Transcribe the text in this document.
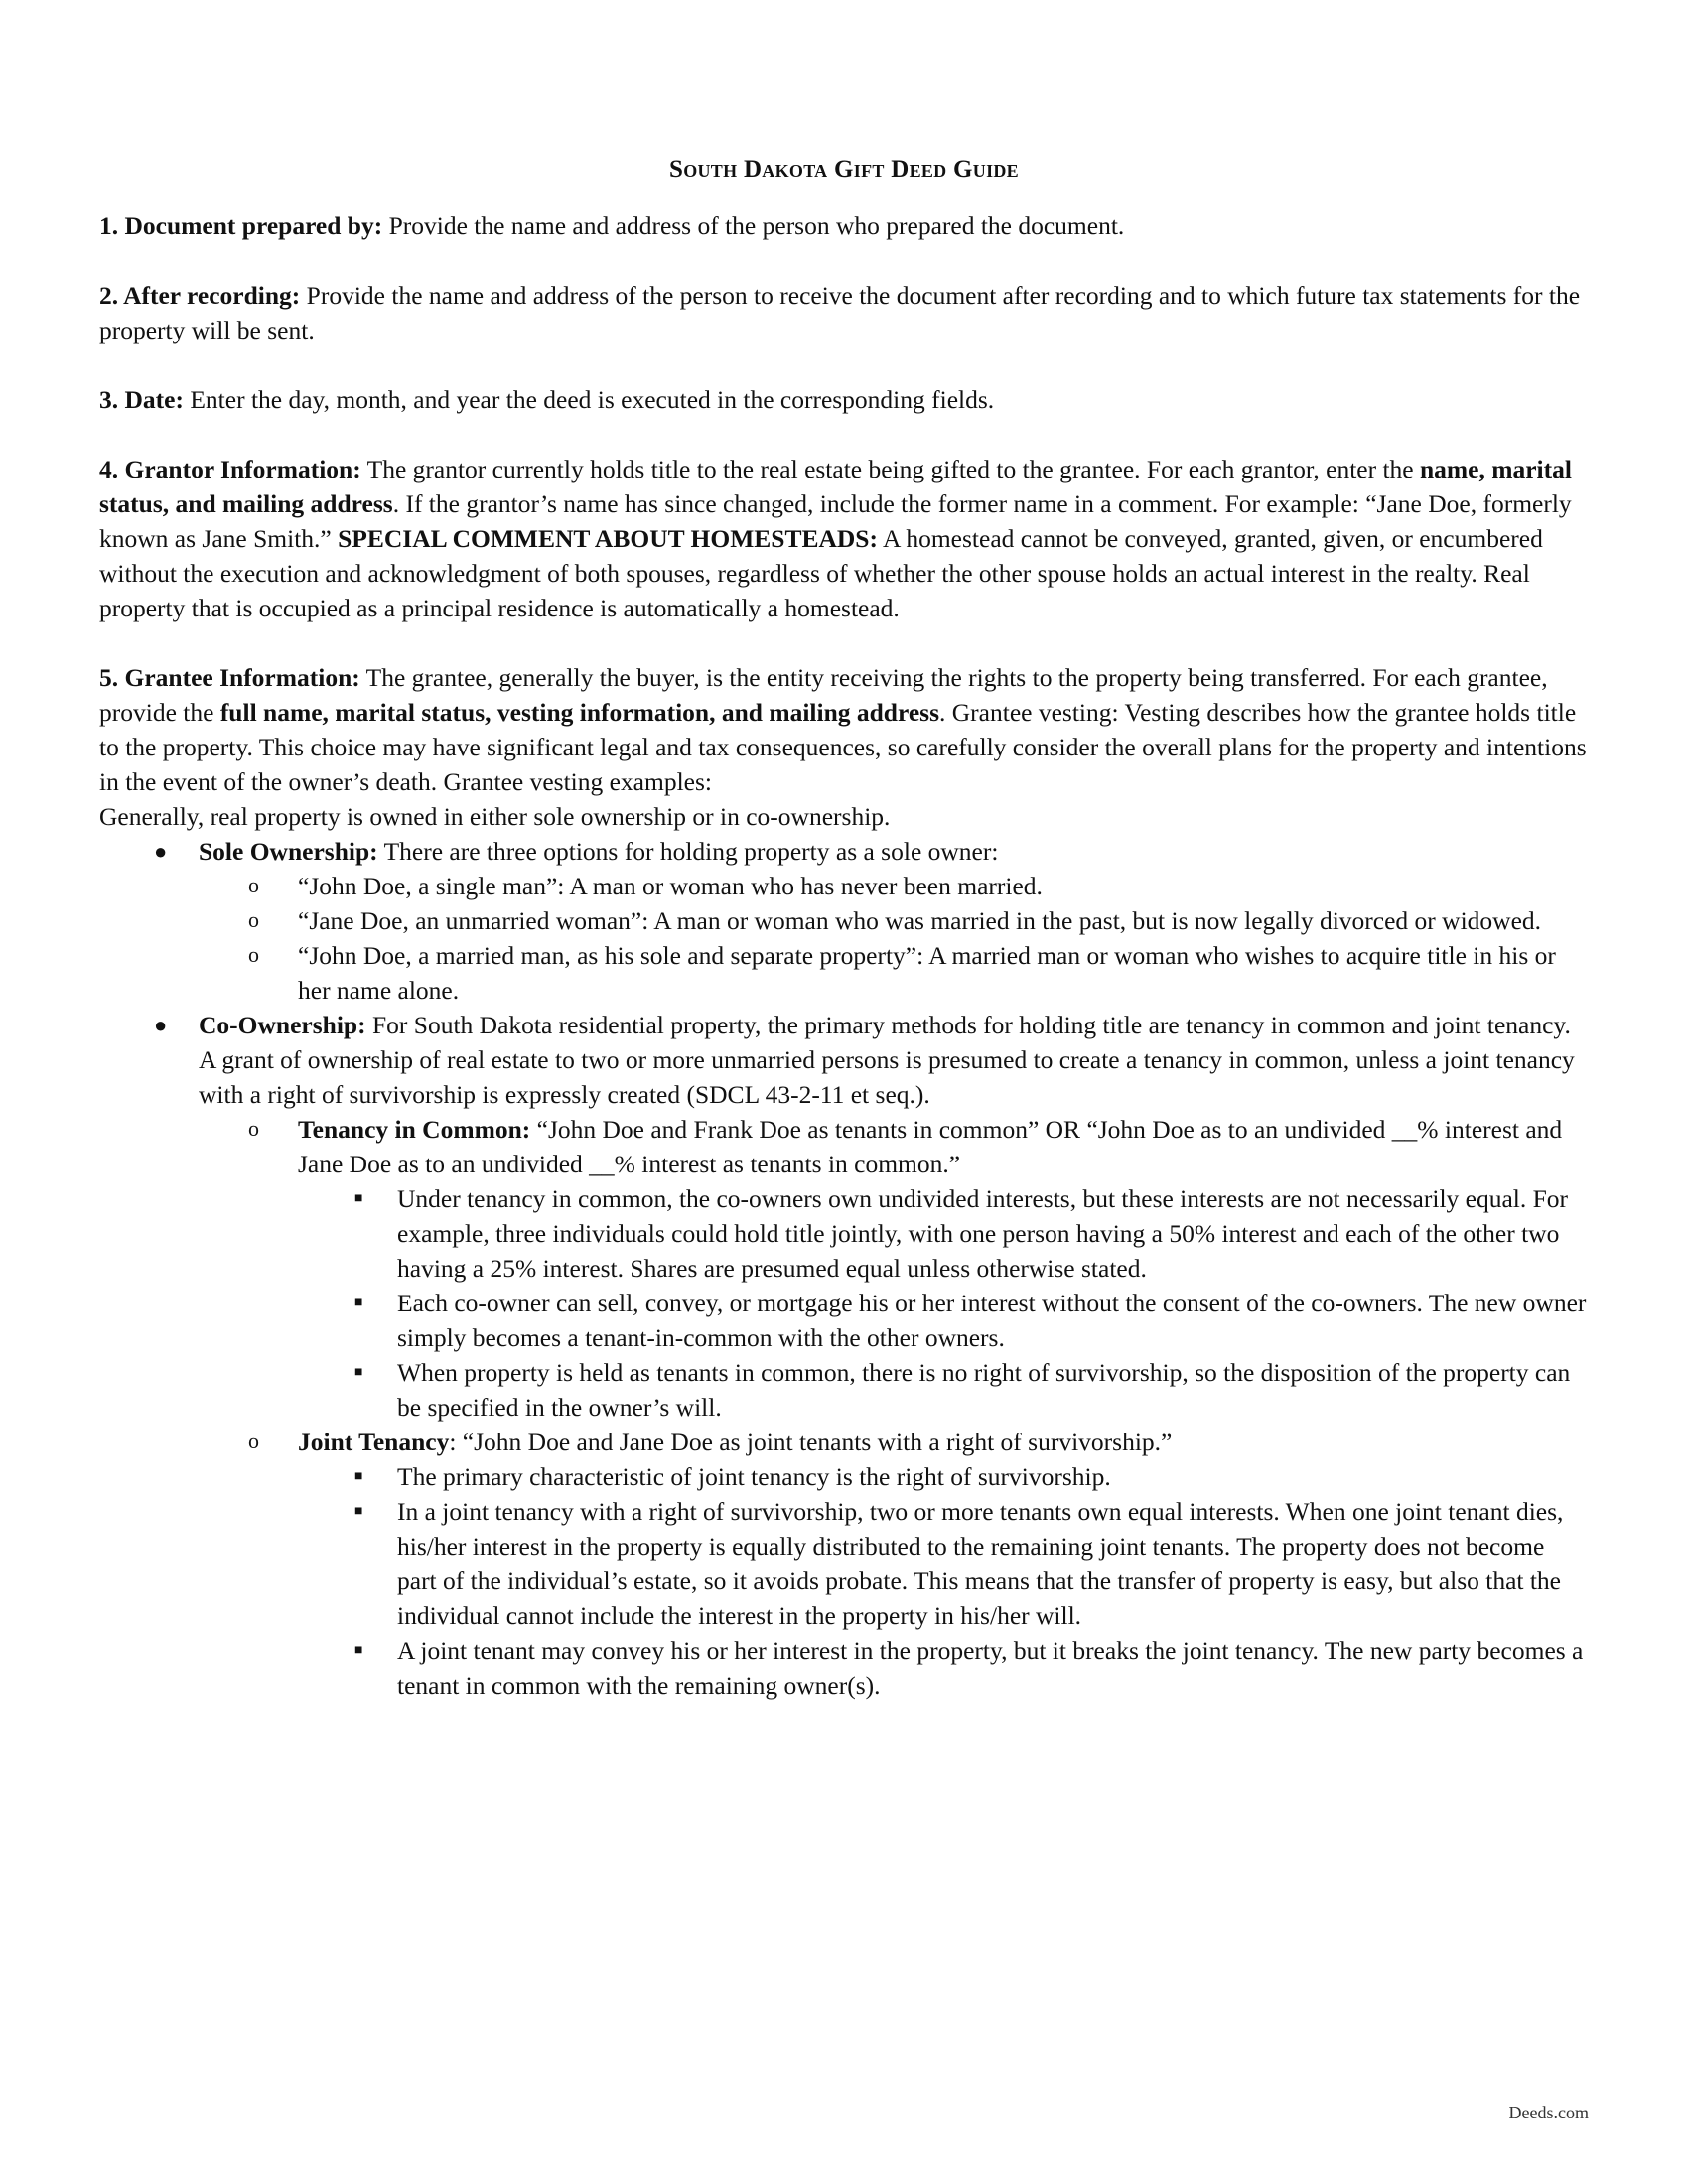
South Dakota Gift Deed Guide

1. Document prepared by: Provide the name and address of the person who prepared the document.

2. After recording: Provide the name and address of the person to receive the document after recording and to which future tax statements for the property will be sent.

3. Date: Enter the day, month, and year the deed is executed in the corresponding fields.

4. Grantor Information: The grantor currently holds title to the real estate being gifted to the grantee. For each grantor, enter the name, marital status, and mailing address. If the grantor’s name has since changed, include the former name in a comment. For example: “Jane Doe, formerly known as Jane Smith.” SPECIAL COMMENT ABOUT HOMESTEADS: A homestead cannot be conveyed, granted, given, or encumbered without the execution and acknowledgment of both spouses, regardless of whether the other spouse holds an actual interest in the realty. Real property that is occupied as a principal residence is automatically a homestead.

5. Grantee Information: The grantee, generally the buyer, is the entity receiving the rights to the property being transferred. For each grantee, provide the full name, marital status, vesting information, and mailing address. Grantee vesting: Vesting describes how the grantee holds title to the property. This choice may have significant legal and tax consequences, so carefully consider the overall plans for the property and intentions in the event of the owner’s death. Grantee vesting examples:

Generally, real property is owned in either sole ownership or in co-ownership.

● Sole Ownership: There are three options for holding property as a sole owner:
o “John Doe, a single man”: A man or woman who has never been married.
o “Jane Doe, an unmarried woman”: A man or woman who was married in the past, but is now legally divorced or widowed.
o “John Doe, a married man, as his sole and separate property”: A married man or woman who wishes to acquire title in his or her name alone.
● Co-Ownership: For South Dakota residential property, the primary methods for holding title are tenancy in common and joint tenancy. A grant of ownership of real estate to two or more unmarried persons is presumed to create a tenancy in common, unless a joint tenancy with a right of survivorship is expressly created (SDCL 43-2-11 et seq.).
o Tenancy in Common: “John Doe and Frank Doe as tenants in common” OR “John Doe as to an undivided __% interest and Jane Doe as to an undivided __% interest as tenants in common.”
■ Under tenancy in common, the co-owners own undivided interests, but these interests are not necessarily equal. For example, three individuals could hold title jointly, with one person having a 50% interest and each of the other two having a 25% interest. Shares are presumed equal unless otherwise stated.
■ Each co-owner can sell, convey, or mortgage his or her interest without the consent of the co-owners. The new owner simply becomes a tenant-in-common with the other owners.
■ When property is held as tenants in common, there is no right of survivorship, so the disposition of the property can be specified in the owner’s will.
o Joint Tenancy: “John Doe and Jane Doe as joint tenants with a right of survivorship.”
■ The primary characteristic of joint tenancy is the right of survivorship.
■ In a joint tenancy with a right of survivorship, two or more tenants own equal interests. When one joint tenant dies, his/her interest in the property is equally distributed to the remaining joint tenants. The property does not become part of the individual’s estate, so it avoids probate. This means that the transfer of property is easy, but also that the individual cannot include the interest in the property in his/her will.
■ A joint tenant may convey his or her interest in the property, but it breaks the joint tenancy. The new party becomes a tenant in common with the remaining owner(s).
Deeds.com
